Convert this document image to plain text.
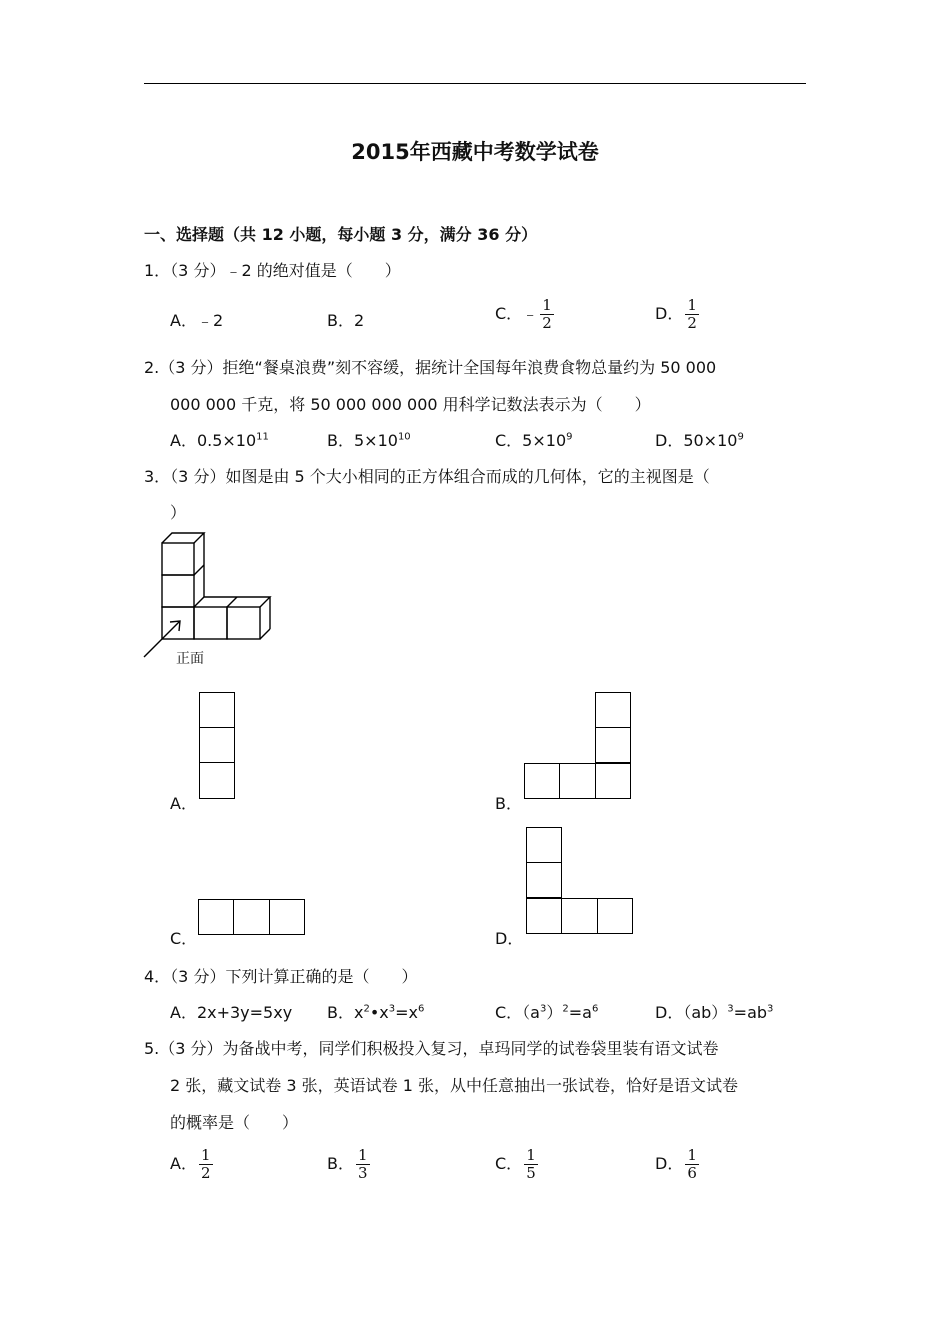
2015年西藏中考数学试卷
一、选择题（共 12 小题，每小题 3 分，满分 36 分）
1．（3 分）﹣2 的绝对值是（　　）
A．﹣2	B．2	C．﹣ $\frac{1}{2}$	D． $\frac{1}{2}$
2.（3 分）拒绝“餐桌浪费”刻不容缓，据统计全国每年浪费食物总量约为 50 000
000 000 千克，将 50 000 000 000 用科学记数法表示为（　　）
A．$0.5\times 10^{11}$	B．$5\times 10^{10}$	C．$5\times 10^9$	D．$50\times 10^9$
3．（3 分）如图是由 5 个大小相同的正方体组合而成的几何体，它的主视图是（
）
正面
A．	B．
C．	D．
4．（3 分）下列计算正确的是（　　）
A．2x+3y=5xy B．$x^2•x^3=x^6$	C．$(a^3)^2=a^6$	D．$(ab)^3=ab^3$
5.（3 分）为备战中考，同学们积极投入复习，卓玛同学的试卷袋里装有语文试卷
2 张，藏文试卷 3 张，英语试卷 1 张，从中任意抽出一张试卷，恰好是语文试卷
的概率是（　　）
A． $\frac{1}{2}$	B． $\frac{1}{3}$	C． $\frac{1}{5}$	D． $\frac{1}{6}$
